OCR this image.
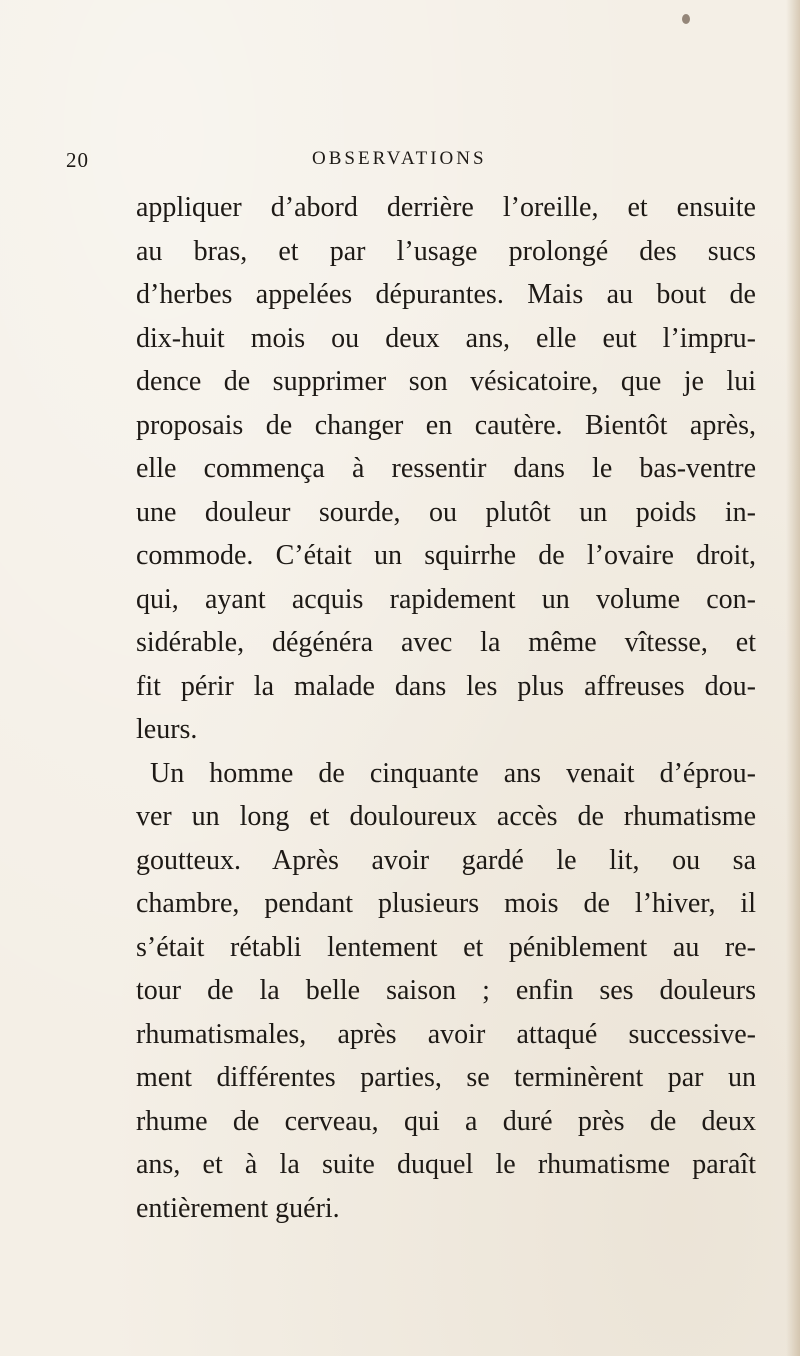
20	OBSERVATIONS
appliquer d’abord derrière l’oreille, et ensuite
au bras, et par l’usage prolongé des sucs
d’herbes appelées dépurantes. Mais au bout de
dix-huit mois ou deux ans, elle eut l’impru-
dence de supprimer son vésicatoire, que je lui
proposais de changer en cautère. Bientôt après,
elle commença à ressentir dans le bas-ventre
une douleur sourde, ou plutôt un poids in-
commode. C’était un squirrhe de l’ovaire droit,
qui, ayant acquis rapidement un volume con-
sidérable, dégénéra avec la même vîtesse, et
fit périr la malade dans les plus affreuses dou-
leurs.
Un homme de cinquante ans venait d’éprou-
ver un long et douloureux accès de rhumatisme
goutteux. Après avoir gardé le lit, ou sa
chambre, pendant plusieurs mois de l’hiver, il
s’était rétabli lentement et péniblement au re-
tour de la belle saison ; enfin ses douleurs
rhumatismales, après avoir attaqué successive-
ment différentes parties, se terminèrent par un
rhume de cerveau, qui a duré près de deux
ans, et à la suite duquel le rhumatisme paraît
entièrement guéri.
